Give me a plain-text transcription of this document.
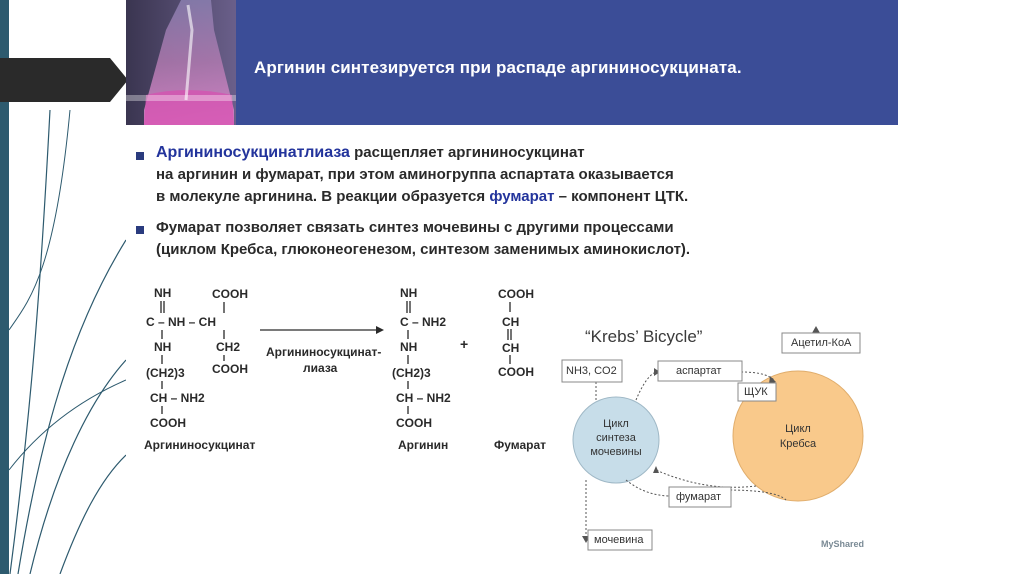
Аргинин синтезируется при распаде аргининосукцината.
Аргининосукцинатлиаза расщепляет аргининосукцинат
на аргинин и фумарат, при этом аминогруппа аспартата оказывается
в молекуле аргинина. В реакции образуется фумарат – компонент ЦТК.
Фумарат позволяет связать синтез мочевины с другими процессами
(циклом Кребса, глюконеогенезом, синтезом заменимых аминокислот).
NH
C – NH – CH
NH
(CH2)3
CH – NH2
COOH
COOH
CH2
COOH
Аргининосукцинат
Аргининосукцинат-
лиаза
+
NH
C – NH2
NH
(CH2)3
CH – NH2
COOH
Аргинин
COOH
CH
CH
COOH
Фумарат
“Krebs’ Bicycle”
NH3, CO2	аспартат
Ацетил-КоА
ЩУК
фумарат
мочевина
Цикл
синтеза
мочевины
Цикл
Кребса
MyShared
